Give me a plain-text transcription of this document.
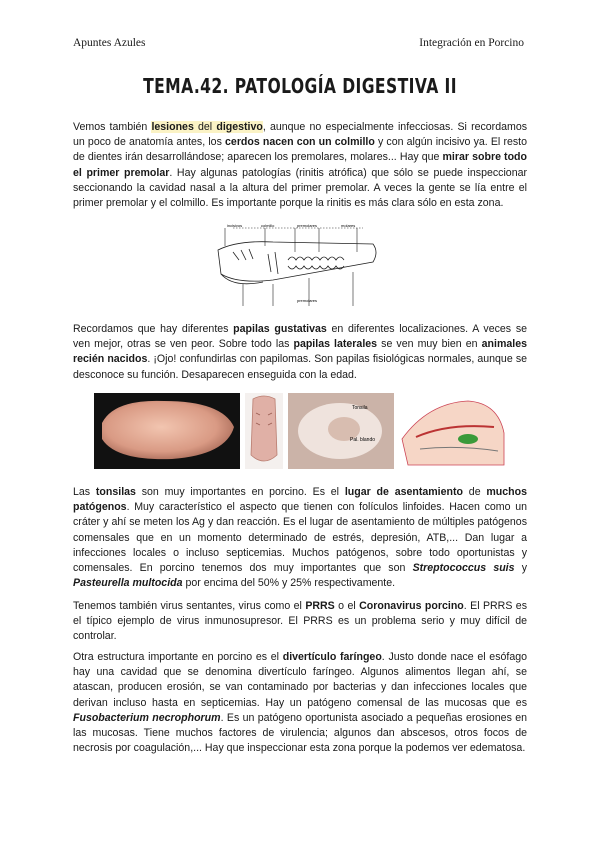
Apuntes Azules	Integración en Porcino
TEMA.42. PATOLOGÍA DIGESTIVA II

Vemos también lesiones del digestivo, aunque no especialmente infecciosas. Si recordamos un poco de anatomía antes, los cerdos nacen con un colmillo y con algún incisivo ya. El resto de dientes irán desarrollándose; aparecen los premolares, molares... Hay que mirar sobre todo el primer premolar. Hay algunas patologías (rinitis atrófica) que sólo se puede inspeccionar seccionando la cavidad nasal a la altura del primer premolar. A veces la gente se lía entre el primer premolar y el colmillo. Es importante porque la rinitis es más clara sólo en esta zona.

incisivos	colmillo	premolares
premolares
molares

Recordamos que hay diferentes papilas gustativas en diferentes localizaciones. A veces se ven mejor, otras se ven peor. Sobre todo las papilas laterales se ven muy bien en animales recién nacidos. ¡Ojo! confundirlas con papilomas. Son papilas fisiológicas normales, aunque se desconoce su función. Desaparecen enseguida con la edad.

Tonsila
Pal. blando

Las tonsilas son muy importantes en porcino. Es el lugar de asentamiento de muchos patógenos. Muy característico el aspecto que tienen con folículos linfoides. Hacen como un cráter y ahí se meten los Ag y dan reacción. Es el lugar de asentamiento de múltiples patógenos comensales que en un momento determinado de estrés, depresión, ATB,... Dan lugar a infecciones locales o incluso septicemias. Muchos patógenos, sobre todo oportunistas y comensales. En porcino tenemos dos muy importantes que son Streptococcus suis y Pasteurella multocida por encima del 50% y 25% respectivamente.

Tenemos también virus sentantes, virus como el PRRS o el Coronavirus porcino. El PRRS es el típico ejemplo de virus inmunosupresor. El PRRS es un problema serio y muy difícil de controlar.

Otra estructura importante en porcino es el divertículo faríngeo. Justo donde nace el esófago hay una cavidad que se denomina divertículo faríngeo. Algunos alimentos llegan ahí, se atascan, producen erosión, se van contaminado por bacterias y dan infecciones locales que derivan incluso hasta en septicemias. Hay un patógeno comensal de las mucosas que es Fusobacterium necrophorum. Es un patógeno oportunista asociado a pequeñas erosiones en las mucosas. Tiene muchos factores de virulencia; algunos dan abscesos, otros focos de necrosis por coagulación,... Hay que inspeccionar esta zona porque la podemos ver edematosa.
